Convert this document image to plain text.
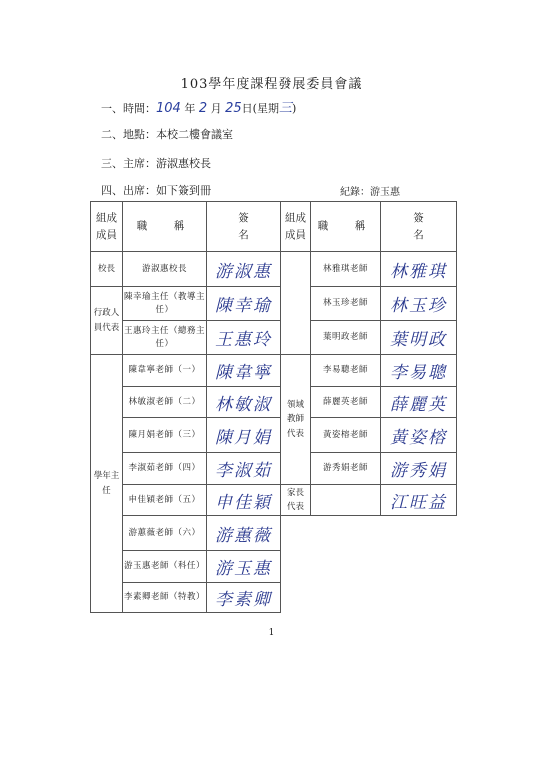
103學年度課程發展委員會議
一、時間：104 年 2 月 25日(星期三)
二、地點：本校二樓會議室
三、主席：游淑惠校長
四、出席：如下簽到冊	紀錄：游玉惠
組成成員	職　稱	簽　名	組成成員	職　稱	簽　名
校長	游淑惠校長	游淑惠		林雅琪老師	林雅琪
行政人員代表	陳幸瑜主任（教導主任）	陳幸瑜		林玉珍老師	林玉珍
	王惠玲主任（總務主任）	王惠玲		葉明政老師	葉明政
學年主任	陳韋寧老師（一）	陳韋寧	領域教師代表	李易聰老師	李易聰
	林敏淑老師（二）	林敏淑		薛麗英老師	薛麗英
	陳月娟老師（三）	陳月娟		黃姿榕老師	黃姿榕
	李淑茹老師（四）	李淑茹		游秀娟老師	游秀娟
	申佳穎老師（五）	申佳穎	家長代表		江旺益
	游蕙薇老師（六）	游蕙薇			
	游玉惠老師（科任）	游玉惠			
	李素卿老師（特教）	李素卿			
1
